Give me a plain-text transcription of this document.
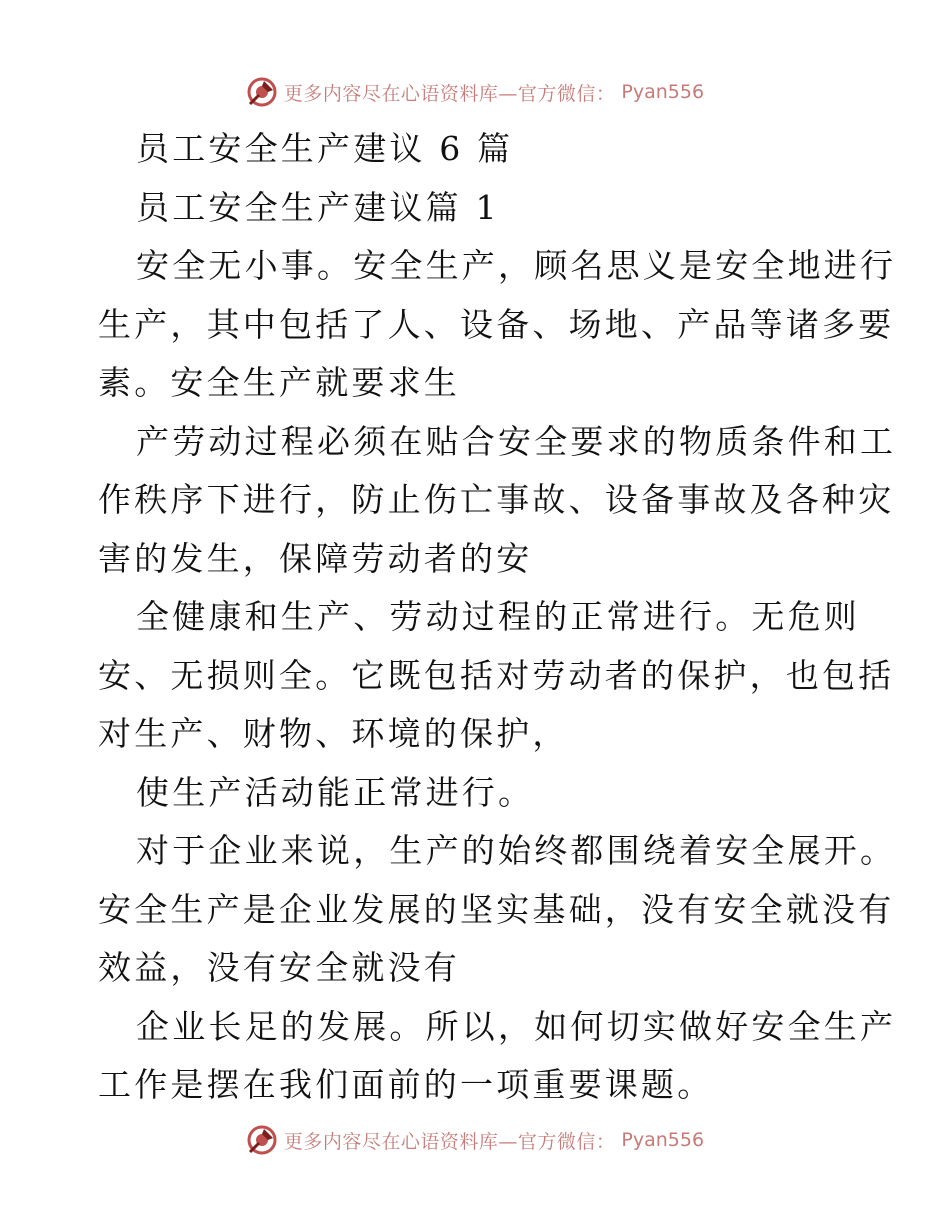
更多内容尽在心语资料库—官方微信： Pyan556
员工安全生产建议 6 篇
员工安全生产建议篇 1
安全无小事。安全生产，顾名思义是安全地进行
生产，其中包括了人、设备、场地、产品等诸多要
素。安全生产就要求生
产劳动过程必须在贴合安全要求的物质条件和工
作秩序下进行，防止伤亡事故、设备事故及各种灾
害的发生，保障劳动者的安
全健康和生产、劳动过程的正常进行。无危则
安、无损则全。它既包括对劳动者的保护，也包括
对生产、财物、环境的保护，
使生产活动能正常进行。
对于企业来说，生产的始终都围绕着安全展开。
安全生产是企业发展的坚实基础，没有安全就没有
效益，没有安全就没有
企业长足的发展。所以，如何切实做好安全生产
工作是摆在我们面前的一项重要课题。
更多内容尽在心语资料库—官方微信： Pyan556
